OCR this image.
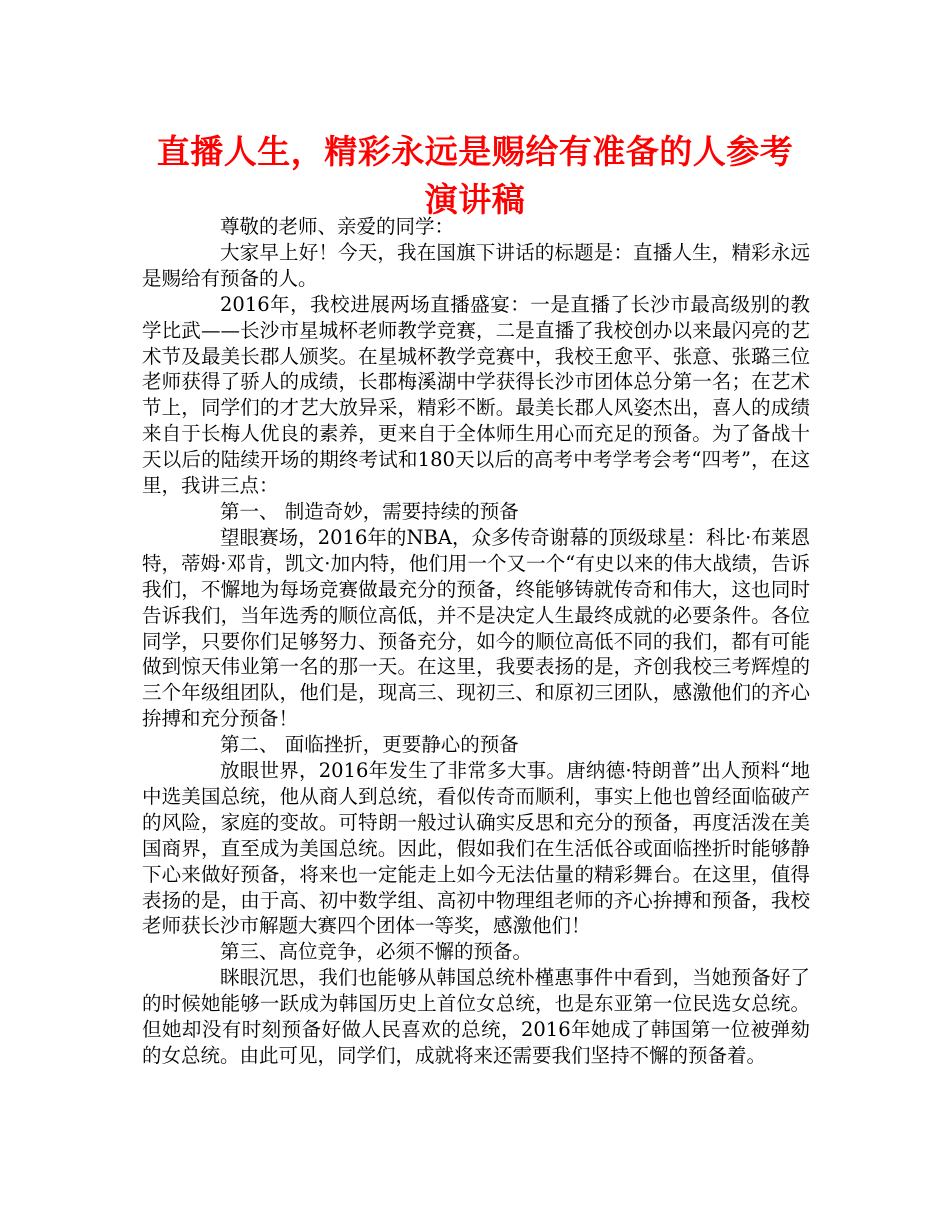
直播人生，精彩永远是赐给有准备的人参考演讲稿

尊敬的老师、亲爱的同学：

大家早上好！今天，我在国旗下讲话的标题是：直播人生，精彩永远是赐给有预备的人。

2016年，我校进展两场直播盛宴：一是直播了长沙市最高级别的教学比武——长沙市星城杯老师教学竞赛，二是直播了我校创办以来最闪亮的艺术节及最美长郡人颁奖。在星城杯教学竞赛中，我校王愈平、张意、张璐三位老师获得了骄人的成绩，长郡梅溪湖中学获得长沙市团体总分第一名；在艺术节上，同学们的才艺大放异采，精彩不断。最美长郡人风姿杰出，喜人的成绩来自于长梅人优良的素养，更来自于全体师生用心而充足的预备。为了备战十天以后的陆续开场的期终考试和180天以后的高考中考学考会考“四考”，在这里，我讲三点：

第一、 制造奇妙，需要持续的预备

望眼赛场，2016年的NBA，众多传奇谢幕的顶级球星：科比·布莱恩特，蒂姆·邓肯，凯文·加内特，他们用一个又一个“有史以来的伟大战绩，告诉我们，不懈地为每场竞赛做最充分的预备，终能够铸就传奇和伟大，这也同时告诉我们，当年选秀的顺位高低，并不是决定人生最终成就的必要条件。各位同学，只要你们足够努力、预备充分，如今的顺位高低不同的我们，都有可能做到惊天伟业第一名的那一天。在这里，我要表扬的是，齐创我校三考辉煌的三个年级组团队，他们是，现高三、现初三、和原初三团队，感激他们的齐心拚搏和充分预备！

第二、 面临挫折，更要静心的预备

放眼世界，2016年发生了非常多大事。唐纳德·特朗普”出人预料“地中选美国总统，他从商人到总统，看似传奇而顺利，事实上他也曾经面临破产的风险，家庭的变故。可特朗一般过认确实反思和充分的预备，再度活泼在美国商界，直至成为美国总统。因此，假如我们在生活低谷或面临挫折时能够静下心来做好预备，将来也一定能走上如今无法估量的精彩舞台。在这里，值得表扬的是，由于高、初中数学组、高初中物理组老师的齐心拚搏和预备，我校老师获长沙市解题大赛四个团体一等奖，感激他们！

第三、高位竞争，必须不懈的预备。

眯眼沉思，我们也能够从韩国总统朴槿惠事件中看到，当她预备好了的时候她能够一跃成为韩国历史上首位女总统，也是东亚第一位民选女总统。但她却没有时刻预备好做人民喜欢的总统，2016年她成了韩国第一位被弹劾的女总统。由此可见，同学们，成就将来还需要我们坚持不懈的预备着。
